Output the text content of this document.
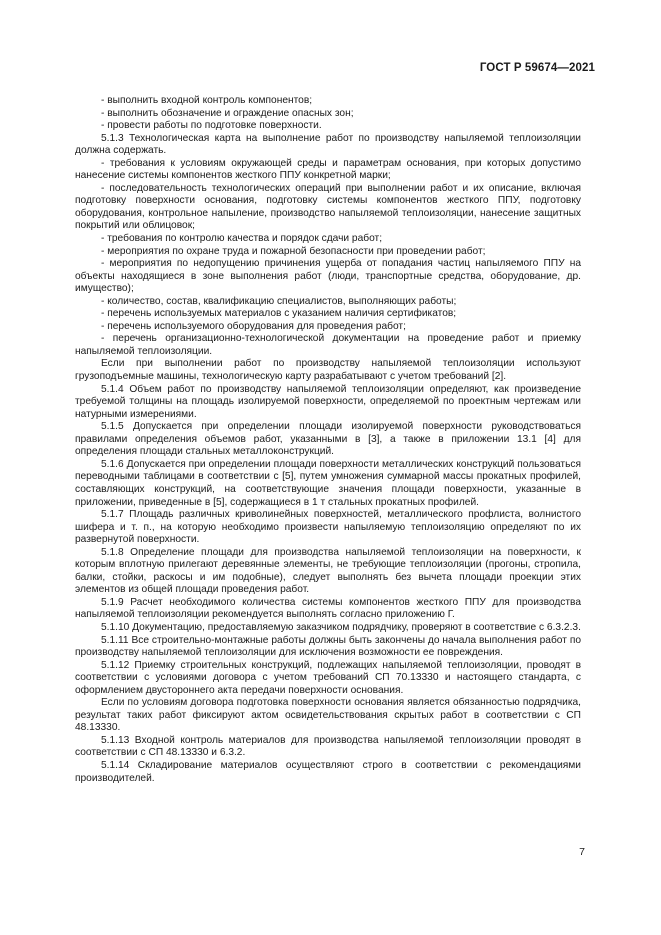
ГОСТ Р 59674—2021

- выполнить входной контроль компонентов;

- выполнить обозначение и ограждение опасных зон;

- провести работы по подготовке поверхности.

5.1.3 Технологическая карта на выполнение работ по производству напыляемой теплоизоляции должна содержать.

- требования к условиям окружающей среды и параметрам основания, при которых допустимо нанесение системы компонентов жесткого ППУ конкретной марки;

- последовательность технологических операций при выполнении работ и их описание, включая подготовку поверхности основания, подготовку системы компонентов жесткого ППУ, подготовку оборудования, контрольное напыление, производство напыляемой теплоизоляции, нанесение защитных покрытий или облицовок;

- требования по контролю качества и порядок сдачи работ;

- мероприятия по охране труда и пожарной безопасности при проведении работ;

- мероприятия по недопущению причинения ущерба от попадания частиц напыляемого ППУ на объекты находящиеся в зоне выполнения работ (люди, транспортные средства, оборудование, др. имущество);

- количество, состав, квалификацию специалистов, выполняющих работы;

- перечень используемых материалов с указанием наличия сертификатов;

- перечень используемого оборудования для проведения работ;

- перечень организационно-технологической документации на проведение работ и приемку напыляемой теплоизоляции.

Если при выполнении работ по производству напыляемой теплоизоляции используют грузоподъемные машины, технологическую карту разрабатывают с учетом требований [2].

5.1.4 Объем работ по производству напыляемой теплоизоляции определяют, как произведение требуемой толщины на площадь изолируемой поверхности, определяемой по проектным чертежам или натурными измерениями.

5.1.5 Допускается при определении площади изолируемой поверхности руководствоваться правилами определения объемов работ, указанными в [3], а также в приложении 13.1 [4] для определения площади стальных металлоконструкций.

5.1.6 Допускается при определении площади поверхности металлических конструкций пользоваться переводными таблицами в соответствии с [5], путем умножения суммарной массы прокатных профилей, составляющих конструкций, на соответствующие значения площади поверхности, указанные в приложении, приведенные в [5], содержащиеся в 1 т стальных прокатных профилей.

5.1.7 Площадь различных криволинейных поверхностей, металлического профлиста, волнистого шифера и т. п., на которую необходимо произвести напыляемую теплоизоляцию определяют по их развернутой поверхности.

5.1.8 Определение площади для производства напыляемой теплоизоляции на поверхности, к которым вплотную прилегают деревянные элементы, не требующие теплоизоляции (прогоны, стропила, балки, стойки, раскосы и им подобные), следует выполнять без вычета площади проекции этих элементов из общей площади проведения работ.

5.1.9 Расчет необходимого количества системы компонентов жесткого ППУ для производства напыляемой теплоизоляции рекомендуется выполнять согласно приложению Г.

5.1.10 Документацию, предоставляемую заказчиком подрядчику, проверяют в соответствие с 6.3.2.3.

5.1.11 Все строительно-монтажные работы должны быть закончены до начала выполнения работ по производству напыляемой теплоизоляции для исключения возможности ее повреждения.

5.1.12 Приемку строительных конструкций, подлежащих напыляемой теплоизоляции, проводят в соответствии с условиями договора с учетом требований СП 70.13330 и настоящего стандарта, с оформлением двустороннего акта передачи поверхности основания.

Если по условиям договора подготовка поверхности основания является обязанностью подрядчика, результат таких работ фиксируют актом освидетельствования скрытых работ в соответствии с СП 48.13330.

5.1.13 Входной контроль материалов для производства напыляемой теплоизоляции проводят в соответствии с СП 48.13330 и 6.3.2.

5.1.14 Складирование материалов осуществляют строго в соответствии с рекомендациями производителей.

7
